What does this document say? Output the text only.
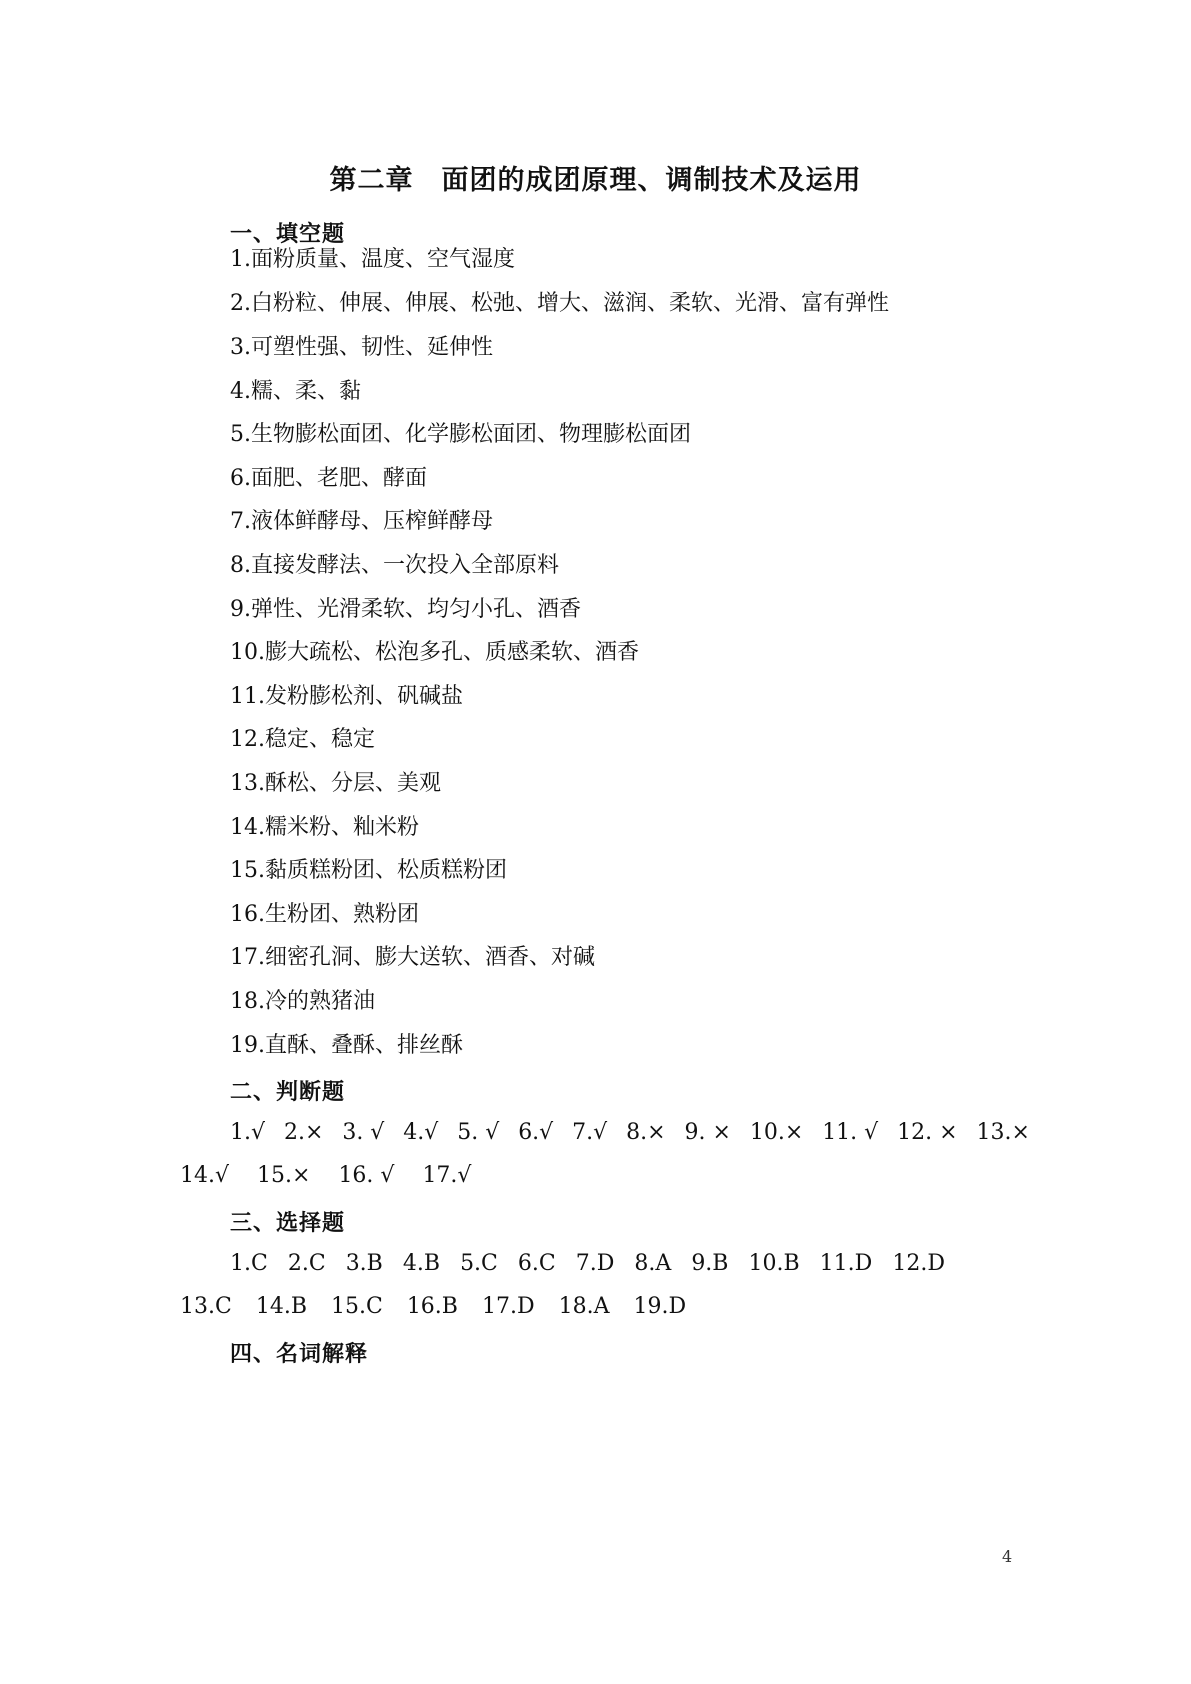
第二章　面团的成团原理、调制技术及运用
一、填空题
1.面粉质量、温度、空气湿度
2.白粉粒、伸展、伸展、松弛、增大、滋润、柔软、光滑、富有弹性
3.可塑性强、韧性、延伸性
4.糯、柔、黏
5.生物膨松面团、化学膨松面团、物理膨松面团
6.面肥、老肥、酵面
7.液体鲜酵母、压榨鲜酵母
8.直接发酵法、一次投入全部原料
9.弹性、光滑柔软、均匀小孔、酒香
10.膨大疏松、松泡多孔、质感柔软、酒香
11.发粉膨松剂、矾碱盐
12.稳定、稳定
13.酥松、分层、美观
14.糯米粉、籼米粉
15.黏质糕粉团、松质糕粉团
16.生粉团、熟粉团
17.细密孔洞、膨大送软、酒香、对碱
18.冷的熟猪油
19.直酥、叠酥、排丝酥
二、判断题
1.√ 2.× 3. √ 4.√ 5. √ 6.√ 7.√ 8.× 9. × 10.× 11. √ 12. × 13.×
14.√ 15.× 16. √ 17.√
三、选择题
1.C 2.C 3.B 4.B 5.C 6.C 7.D 8.A 9.B 10.B 11.D 12.D
13.C 14.B 15.C 16.B 17.D 18.A 19.D
四、名词解释
4
